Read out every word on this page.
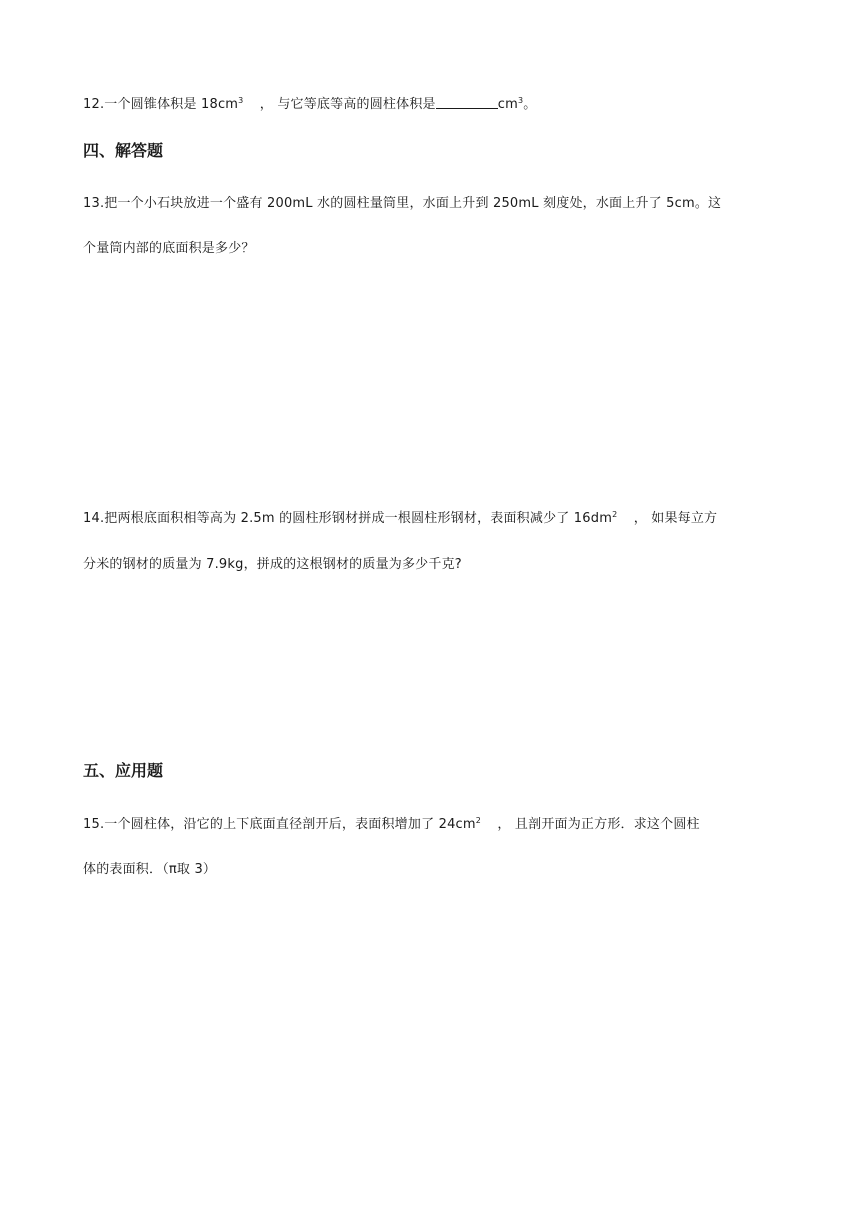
12.一个圆锥体积是 $18cm^3$ ， 与它等底等高的圆柱体积是	$cm^3$。
四、解答题
13.把一个小石块放进一个盛有 200mL 水的圆柱量筒里，水面上升到 250mL 刻度处，水面上升了 5cm。这
个量筒内部的底面积是多少？
14.把两根底面积相等高为 2.5m 的圆柱形钢材拼成一根圆柱形钢材，表面积减少了 $16dm^2$ ， 如果每立方
分米的钢材的质量为 7.9kg，拼成的这根钢材的质量为多少千克?
五、应用题
15.一个圆柱体，沿它的上下底面直径剖开后，表面积增加了 $24cm^2$ ， 且剖开面为正方形．求这个圆柱
体的表面积．（π取 3）
